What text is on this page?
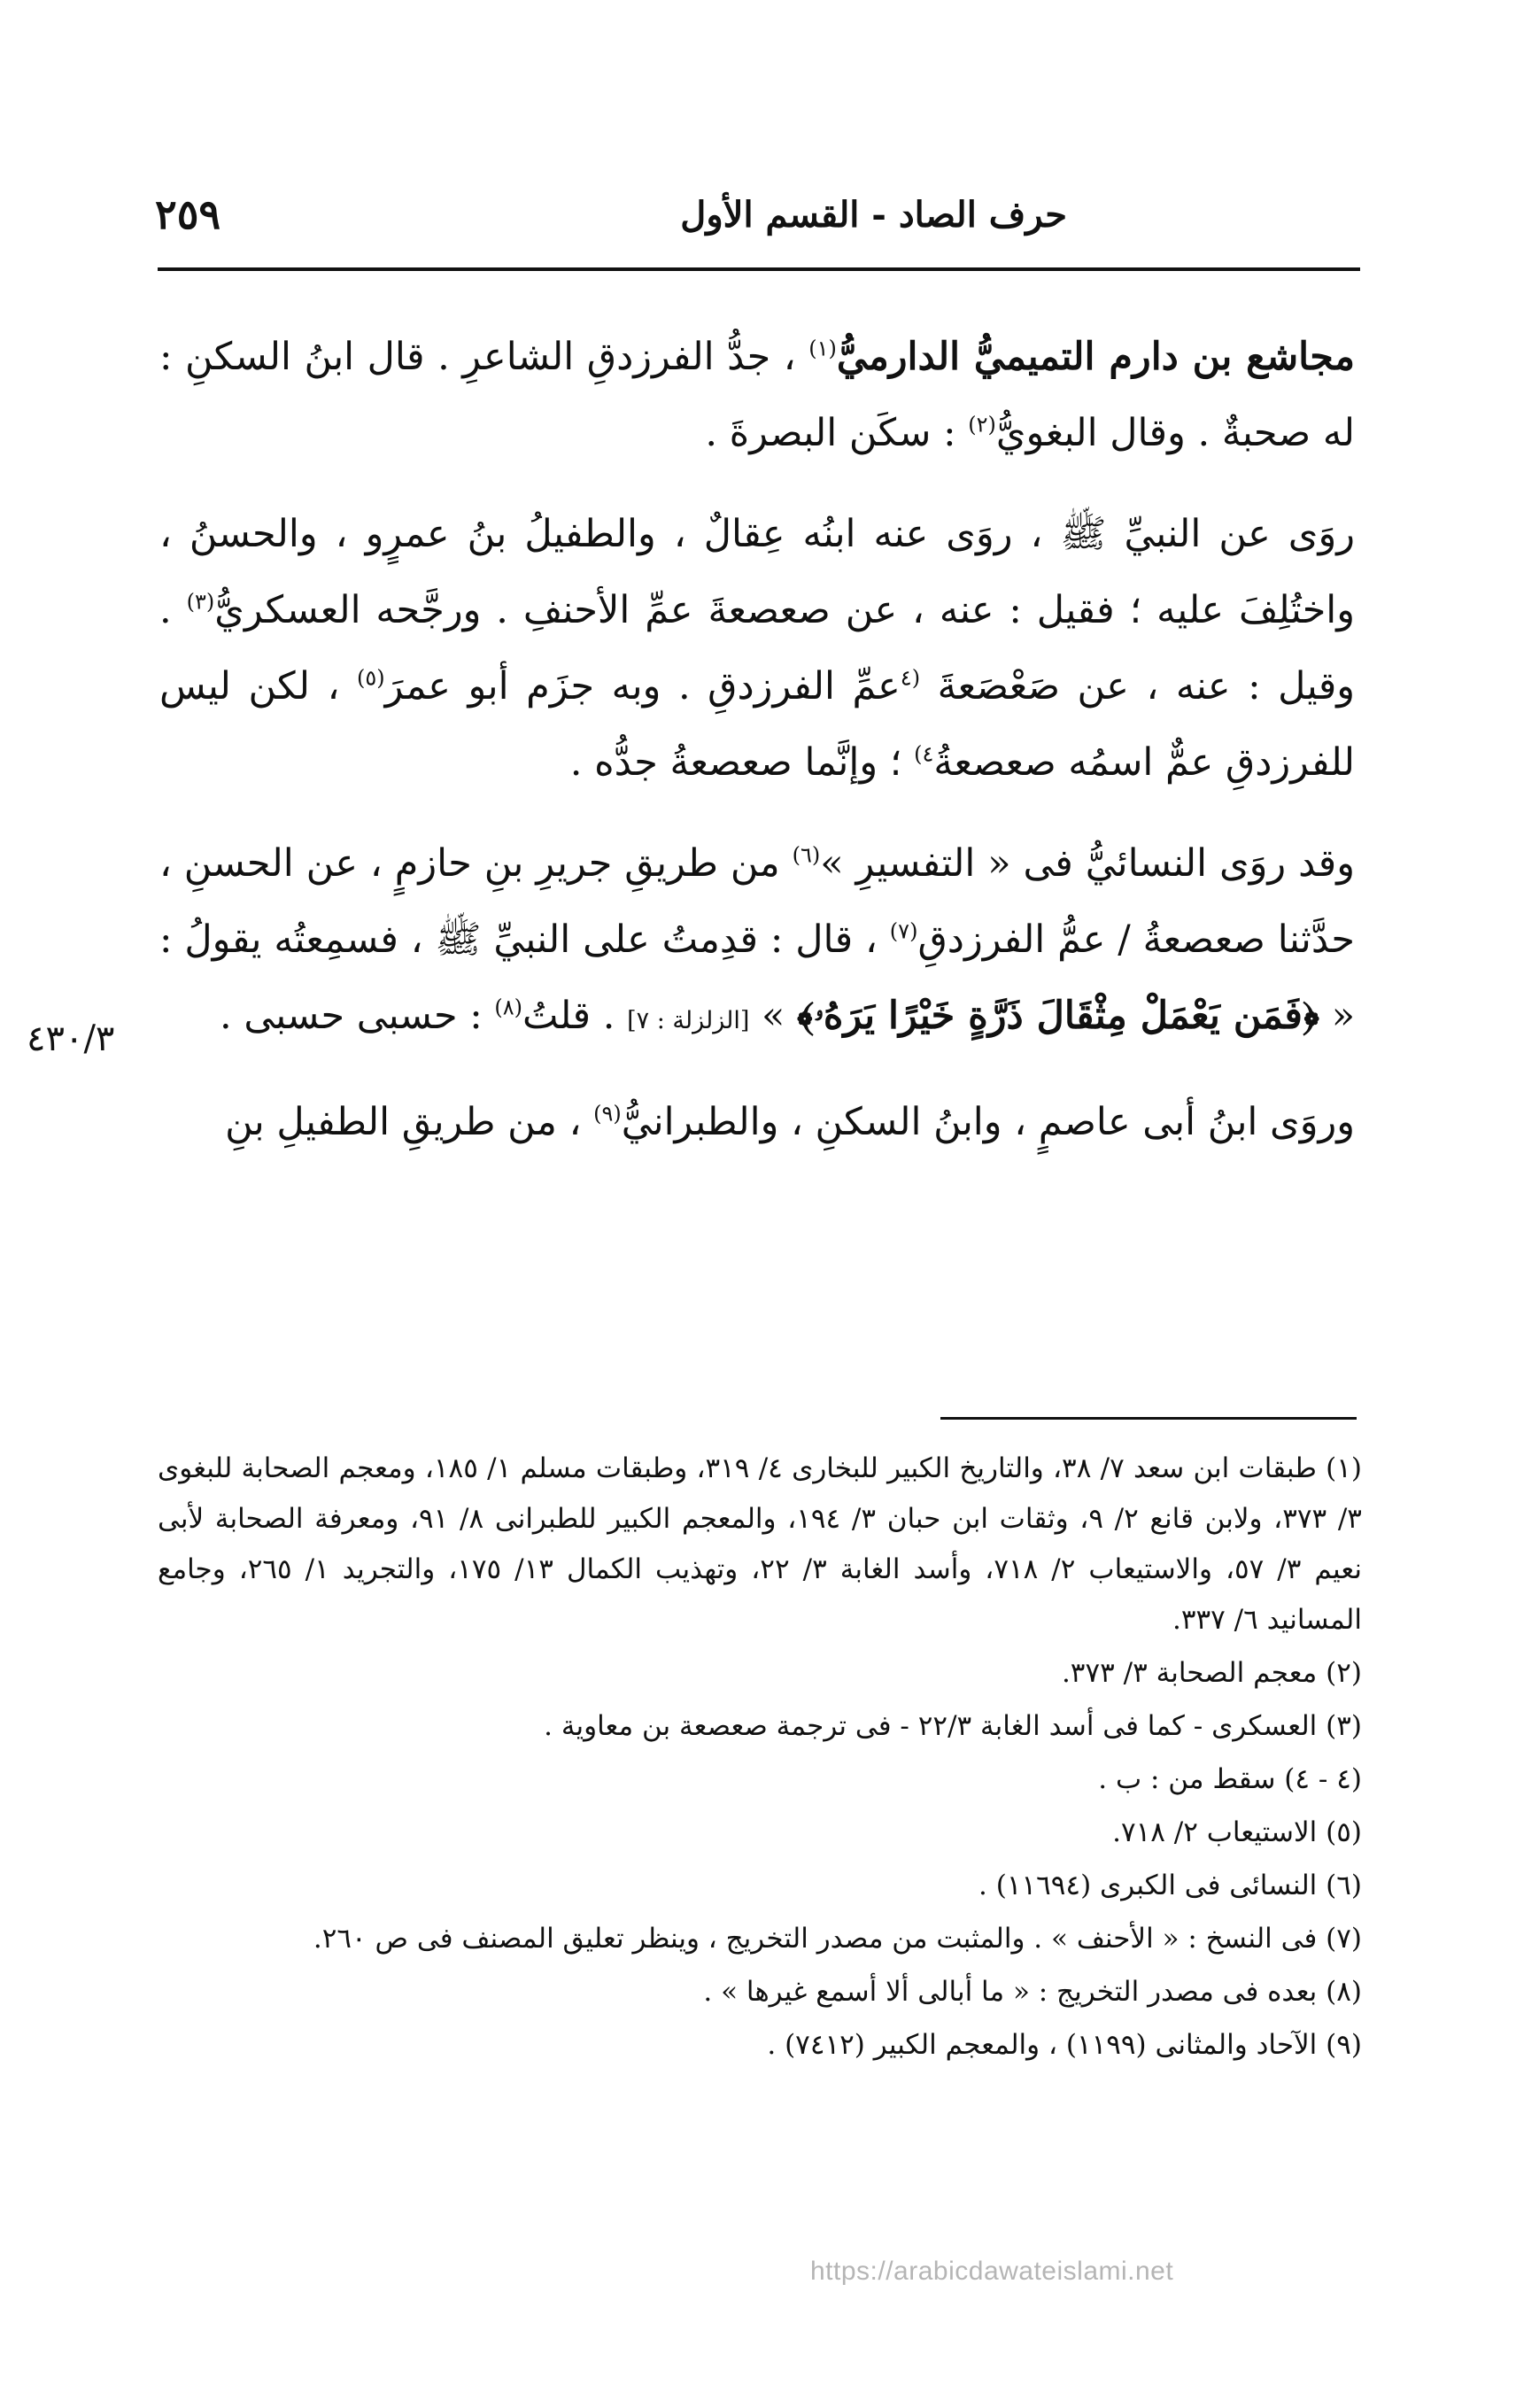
حرف الصاد - القسم الأول
٢٥٩

مجاشع بن دارم التميميُّ الدارميُّ$^{(١)}$ ، جدُّ الفرزدقِ الشاعرِ . قال ابنُ السكنِ : له صحبةٌ . وقال البغويُّ$^{(٢)}$ : سكَن البصرةَ .

روَى عن النبيِّ ﷺ ، روَى عنه ابنُه عِقالٌ ، والطفيلُ بنُ عمرٍو ، والحسنُ ، واختُلِفَ عليه ؛ فقيل : عنه ، عن صعصعةَ عمِّ الأحنفِ . ورجَّحه العسكريُّ$^{(٣)}$ . وقيل : عنه ، عن صَعْصَعةَ $^{(٤}$عمِّ الفرزدقِ . وبه جزَم أبو عمرَ$^{(٥)}$ ، لكن ليس للفرزدقِ عمٌّ اسمُه صعصعةُ$^{٤)}$ ؛ وإنَّما صعصعةُ جدُّه .

وقد روَى النسائيُّ فى « التفسيرِ »$^{(٦)}$ من طريقِ جريرِ بنِ حازمٍ ، عن الحسنِ ، حدَّثنا صعصعةُ / عمُّ الفرزدقِ$^{(٧)}$ ، قال : قدِمتُ على النبيِّ ﷺ ، فسمِعتُه يقولُ : « ﴿فَمَن يَعْمَلْ مِثْقَالَ ذَرَّةٍ خَيْرًا يَرَهُۥ﴾ » [الزلزلة : ٧] . قلتُ$^{(٨)}$ : حسبى حسبى .

وروَى ابنُ أبى عاصمٍ ، وابنُ السكنِ ، والطبرانيُّ$^{(٩)}$ ، من طريقِ الطفيلِ بنِ

٤٣٠/٣

(١) طبقات ابن سعد ٧/ ٣٨، والتاريخ الكبير للبخارى ٤/ ٣١٩، وطبقات مسلم ١/ ١٨٥، ومعجم الصحابة للبغوى ٣/ ٣٧٣، ولابن قانع ٢/ ٩، وثقات ابن حبان ٣/ ١٩٤، والمعجم الكبير للطبرانى ٨/ ٩١، ومعرفة الصحابة لأبى نعيم ٣/ ٥٧، والاستيعاب ٢/ ٧١٨، وأسد الغابة ٣/ ٢٢، وتهذيب الكمال ١٣/ ١٧٥، والتجريد ١/ ٢٦٥، وجامع المسانيد ٦/ ٣٣٧.

(٢) معجم الصحابة ٣/ ٣٧٣.

(٣) العسكرى - كما فى أسد الغابة ٢٢/٣ - فى ترجمة صعصعة بن معاوية .

(٤ - ٤) سقط من : ب .

(٥) الاستيعاب ٢/ ٧١٨.

(٦) النسائى فى الكبرى (١١٦٩٤) .

(٧) فى النسخ : « الأحنف » . والمثبت من مصدر التخريج ، وينظر تعليق المصنف فى ص ٢٦٠.

(٨) بعده فى مصدر التخريج : « ما أبالى ألا أسمع غيرها » .

(٩) الآحاد والمثانى (١١٩٩) ، والمعجم الكبير (٧٤١٢) .

https://arabicdawateislami.net
